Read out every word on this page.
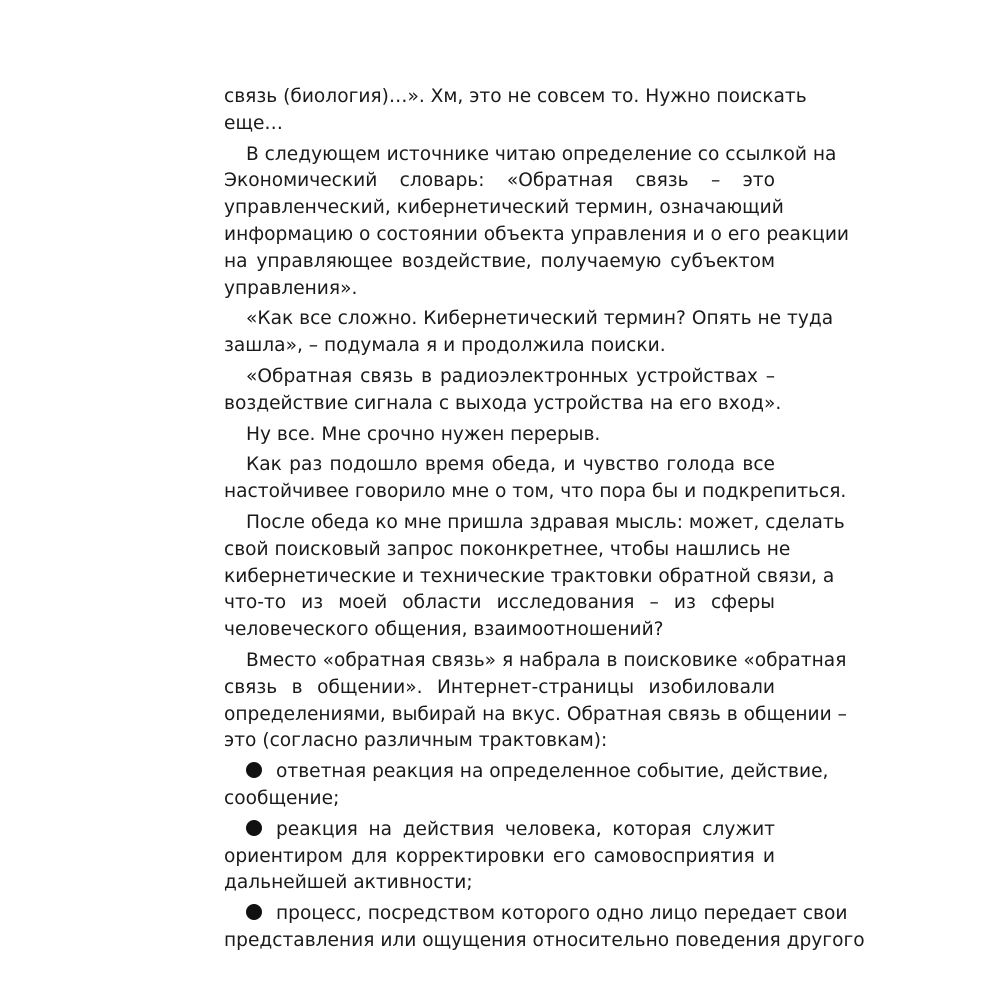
связь (биология)…». Хм, это не совсем то. Нужно поискать
еще…
В следующем источнике читаю определение со ссылкой на
Экономический словарь: «Обратная связь – это
управленческий, кибернетический термин, означающий
информацию о состоянии объекта управления и о его реакции
на управляющее воздействие, получаемую субъектом
управления».
«Как все сложно. Кибернетический термин? Опять не туда
зашла», – подумала я и продолжила поиски.
«Обратная связь в радиоэлектронных устройствах –
воздействие сигнала с выхода устройства на его вход».
Ну все. Мне срочно нужен перерыв.
Как раз подошло время обеда, и чувство голода все
настойчивее говорило мне о том, что пора бы и подкрепиться.
После обеда ко мне пришла здравая мысль: может, сделать
свой поисковый запрос поконкретнее, чтобы нашлись не
кибернетические и технические трактовки обратной связи, а
что-то из моей области исследования – из сферы
человеческого общения, взаимоотношений?
Вместо «обратная связь» я набрала в поисковике «обратная
связь в общении». Интернет-страницы изобиловали
определениями, выбирай на вкус. Обратная связь в общении –
это (согласно различным трактовкам):
ответная реакция на определенное событие, действие,
сообщение;
реакция на действия человека, которая служит
ориентиром для корректировки его самовосприятия и
дальнейшей активности;
процесс, посредством которого одно лицо передает свои
представления или ощущения относительно поведения другого
